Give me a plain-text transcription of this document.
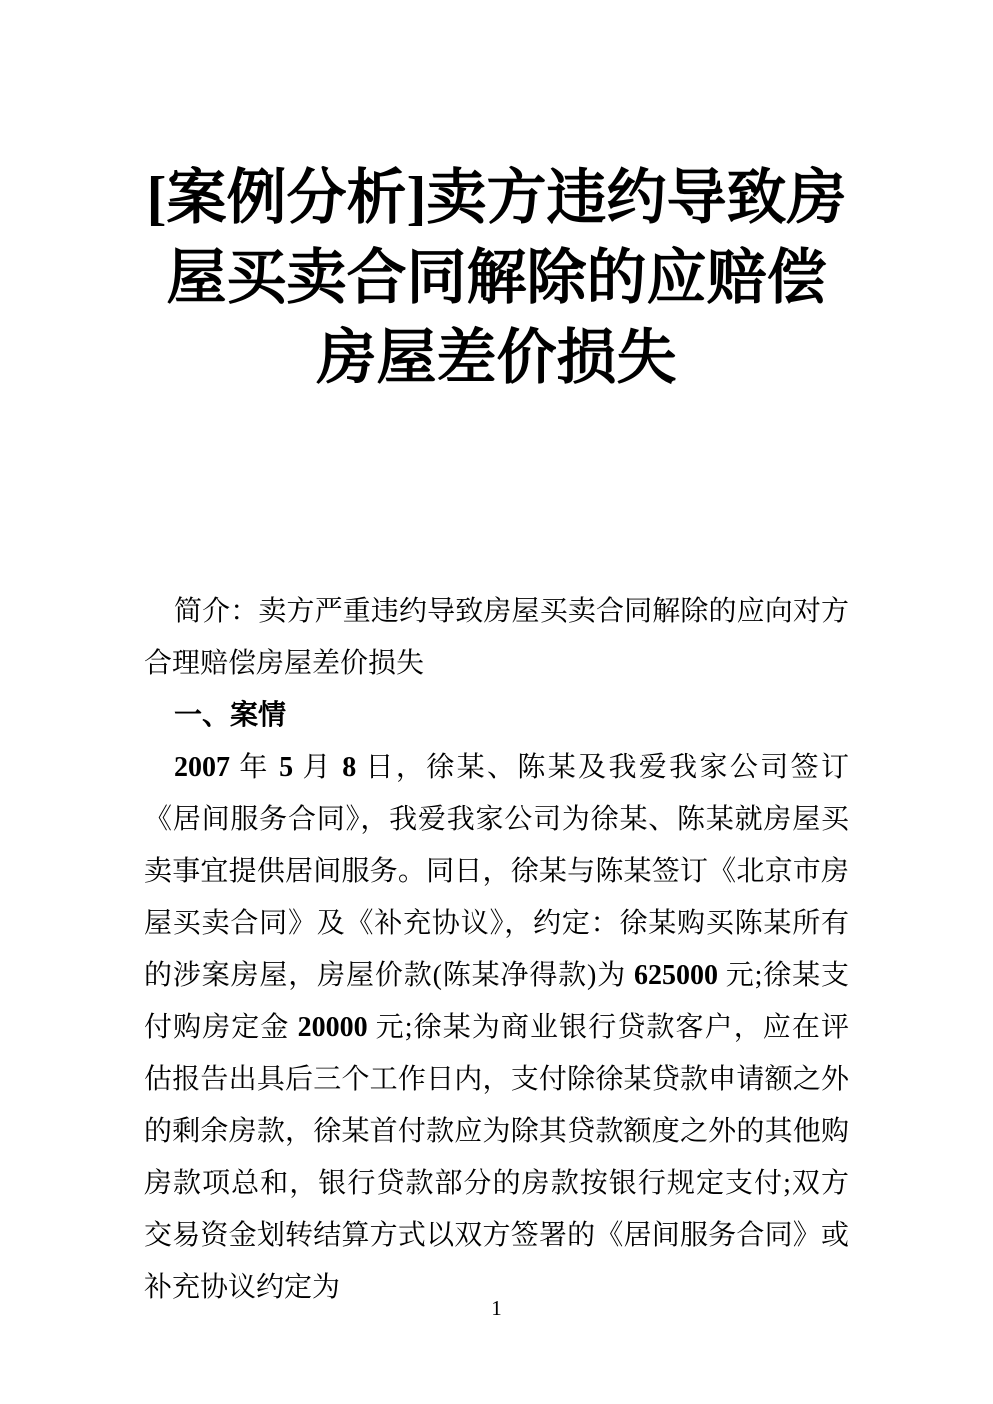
[案例分析]卖方违约导致房屋买卖合同解除的应赔偿房屋差价损失

简介：卖方严重违约导致房屋买卖合同解除的应向对方合理赔偿房屋差价损失

一、案情

2007 年 5 月 8 日，徐某、陈某及我爱我家公司签订《居间服务合同》，我爱我家公司为徐某、陈某就房屋买卖事宜提供居间服务。同日，徐某与陈某签订《北京市房屋买卖合同》及《补充协议》，约定：徐某购买陈某所有的涉案房屋，房屋价款(陈某净得款)为 625000 元;徐某支付购房定金 20000 元;徐某为商业银行贷款客户，应在评估报告出具后三个工作日内，支付除徐某贷款申请额之外的剩余房款，徐某首付款应为除其贷款额度之外的其他购房款项总和，银行贷款部分的房款按银行规定支付;双方交易资金划转结算方式以双方签署的《居间服务合同》或补充协议约定为

1
